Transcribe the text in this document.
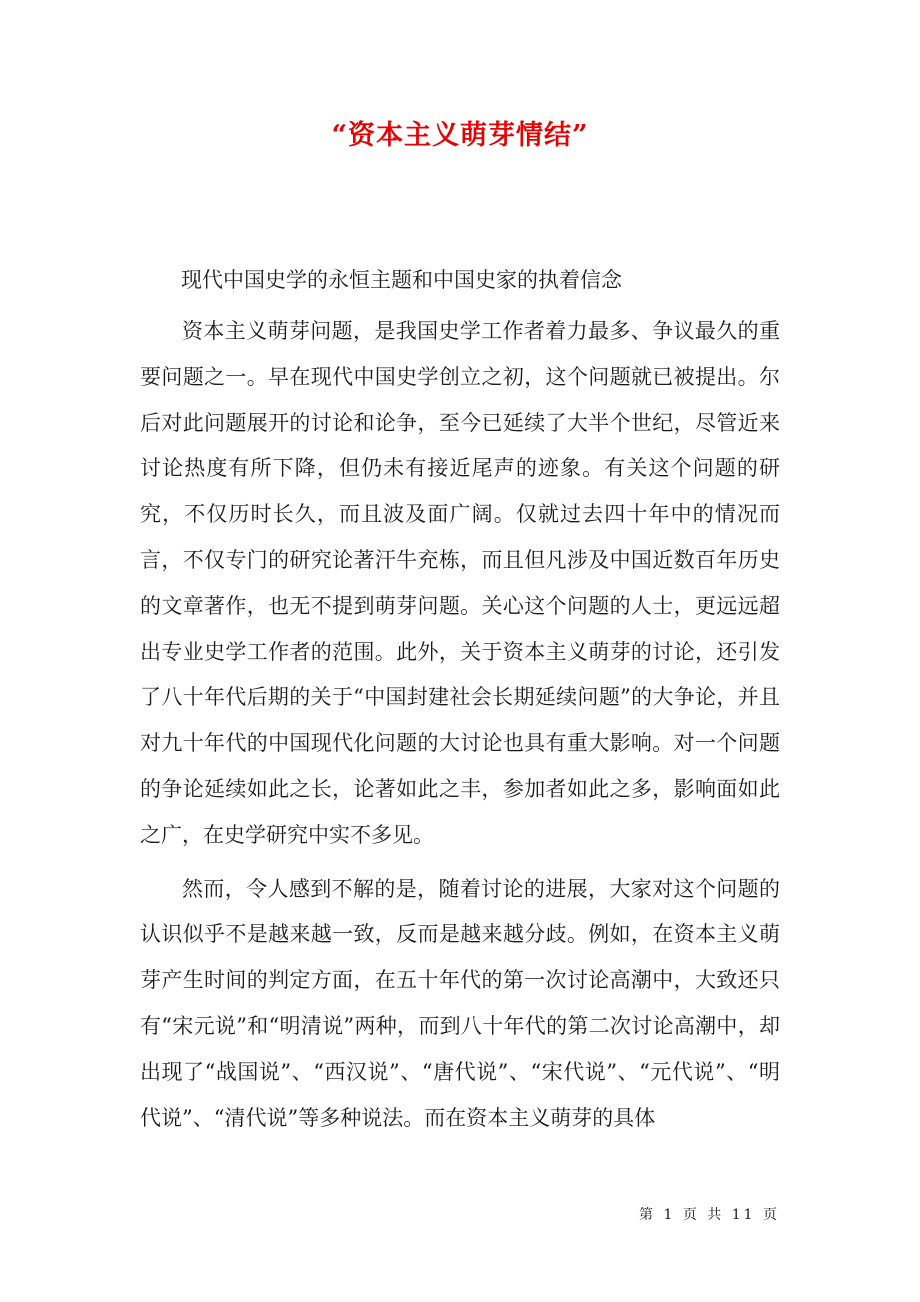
“资本主义萌芽情结”

现代中国史学的永恒主题和中国史家的执着信念

资本主义萌芽问题，是我国史学工作者着力最多、争议最久的重要问题之一。早在现代中国史学创立之初，这个问题就已被提出。尔后对此问题展开的讨论和论争，至今已延续了大半个世纪，尽管近来讨论热度有所下降，但仍未有接近尾声的迹象。有关这个问题的研究，不仅历时长久，而且波及面广阔。仅就过去四十年中的情况而言，不仅专门的研究论著汗牛充栋，而且但凡涉及中国近数百年历史的文章著作，也无不提到萌芽问题。关心这个问题的人士，更远远超出专业史学工作者的范围。此外，关于资本主义萌芽的讨论，还引发了八十年代后期的关于“中国封建社会长期延续问题”的大争论，并且对九十年代的中国现代化问题的大讨论也具有重大影响。对一个问题的争论延续如此之长，论著如此之丰，参加者如此之多，影响面如此之广，在史学研究中实不多见。

然而，令人感到不解的是，随着讨论的进展，大家对这个问题的认识似乎不是越来越一致，反而是越来越分歧。例如，在资本主义萌芽产生时间的判定方面，在五十年代的第一次讨论高潮中，大致还只有“宋元说”和“明清说”两种，而到八十年代的第二次讨论高潮中，却出现了“战国说”、“西汉说”、“唐代说”、“宋代说”、“元代说”、“明代说”、“清代说”等多种说法。而在资本主义萌芽的具体

第 1 页 共 11 页
